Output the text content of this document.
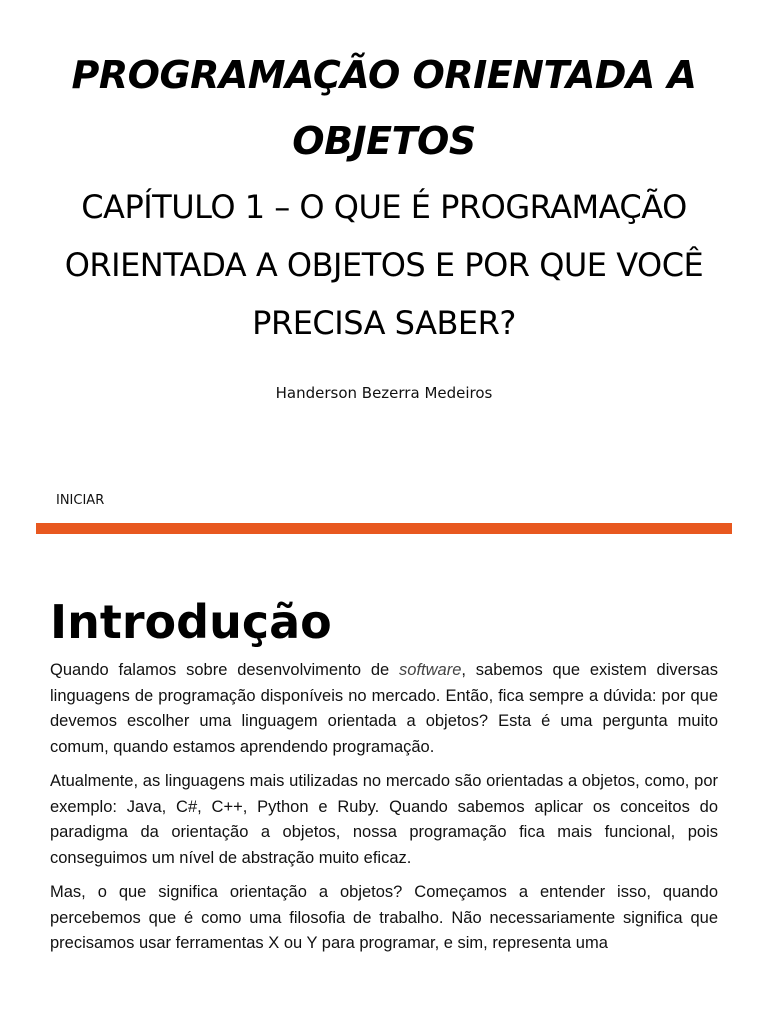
PROGRAMAÇÃO ORIENTADA A OBJETOS
CAPÍTULO 1 – O QUE É PROGRAMAÇÃO ORIENTADA A OBJETOS E POR QUE VOCÊ PRECISA SABER?
Handerson Bezerra Medeiros
INICIAR
Introdução

Quando falamos sobre desenvolvimento de software, sabemos que existem diversas linguagens de programação disponíveis no mercado. Então, fica sempre a dúvida: por que devemos escolher uma linguagem orientada a objetos? Esta é uma pergunta muito comum, quando estamos aprendendo programação.

Atualmente, as linguagens mais utilizadas no mercado são orientadas a objetos, como, por exemplo: Java, C#, C++, Python e Ruby. Quando sabemos aplicar os conceitos do paradigma da orientação a objetos, nossa programação fica mais funcional, pois conseguimos um nível de abstração muito eficaz.

Mas, o que significa orientação a objetos? Começamos a entender isso, quando percebemos que é como uma filosofia de trabalho. Não necessariamente significa que precisamos usar ferramentas X ou Y para programar, e sim, representa uma
